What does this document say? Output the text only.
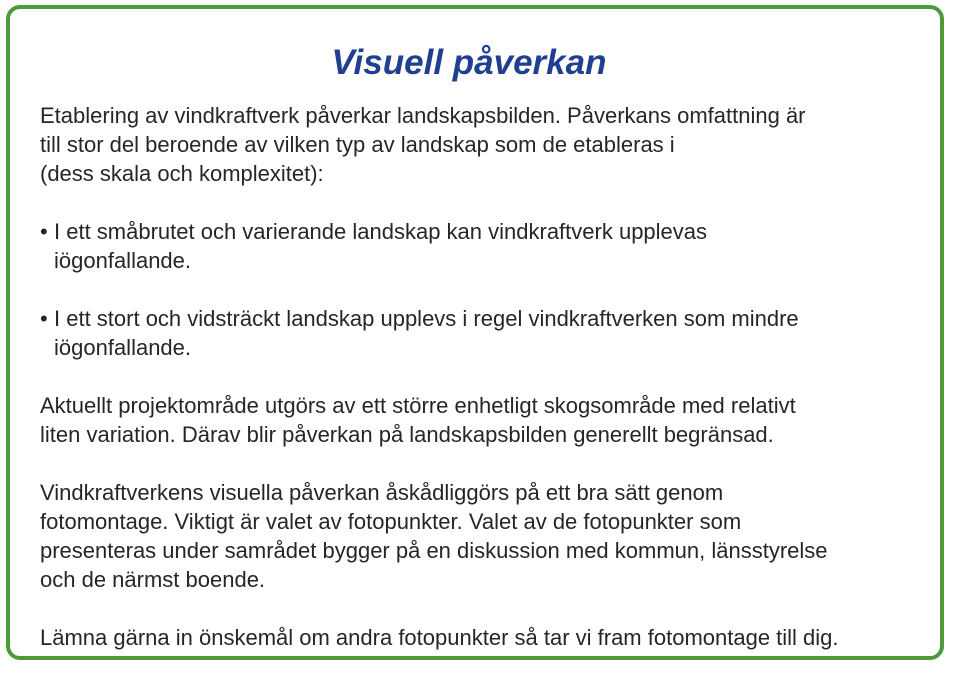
Visuell påverkan

Etablering av vindkraftverk påverkar landskapsbilden. Påverkans omfattning är
till stor del beroende av vilken typ av landskap som de etableras i
(dess skala och komplexitet):

• I ett småbrutet och varierande landskap kan vindkraftverk upplevas
iögonfallande.
• I ett stort och vidsträckt landskap upplevs i regel vindkraftverken som mindre
iögonfallande.

Aktuellt projektområde utgörs av ett större enhetligt skogsområde med relativt
liten variation. Därav blir påverkan på landskapsbilden generellt begränsad.

Vindkraftverkens visuella påverkan åskådliggörs på ett bra sätt genom
fotomontage. Viktigt är valet av fotopunkter. Valet av de fotopunkter som
presenteras under samrådet bygger på en diskussion med kommun, länsstyrelse
och de närmst boende.

Lämna gärna in önskemål om andra fotopunkter så tar vi fram fotomontage till dig.
